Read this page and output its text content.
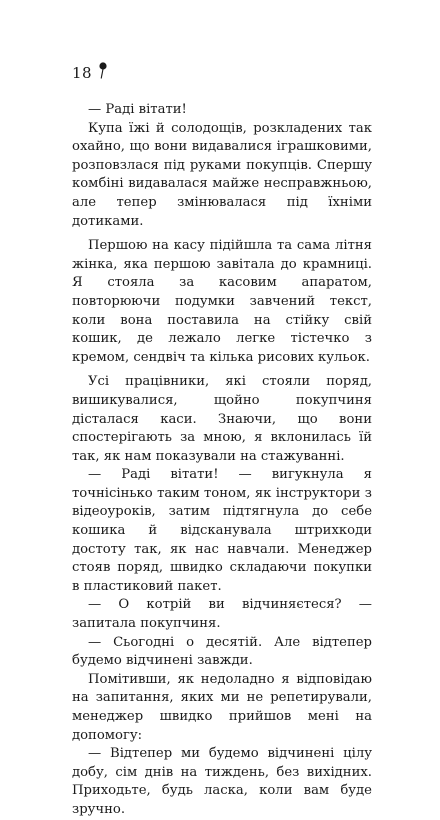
18

— Раді вітати!

Купа їжі й солодощів, розкладених так охайно, що вони видавалися іграшковими, розповзлася під руками покупців. Спершу комбіні видавалася майже несправжньою, але тепер змінювалася під їхніми дотиками.

Першою на касу підійшла та сама літня жінка, яка першою завітала до крамниці. Я стояла за касовим апаратом, повторюючи подумки завчений текст, коли вона поставила на стійку свій кошик, де лежало легке тістечко з кремом, сендвіч та кілька рисових кульок.

Усі працівники, які стояли поряд, вишикувалися, щойно покупчиня дісталася каси. Знаючи, що вони спостерігають за мною, я вклонилась їй так, як нам показували на стажуванні.

— Раді вітати! — вигукнула я точнісінько таким тоном, як інструктори з відеоуроків, затим підтягнула до себе кошика й відсканувала штрихкоди достоту так, як нас навчали. Менеджер стояв поряд, швидко складаючи покупки в пластиковий пакет.

— О котрій ви відчиняєтеся? — запитала покупчиня.

— Сьогодні о десятій. Але відтепер будемо відчинені завжди.

Помітивши, як недоладно я відповідаю на запитання, яких ми не репетирували, менеджер швидко прийшов мені на допомогу:

— Відтепер ми будемо відчинені цілу добу, сім днів на тиждень, без вихідних. Приходьте, будь ласка, коли вам буде зручно.
